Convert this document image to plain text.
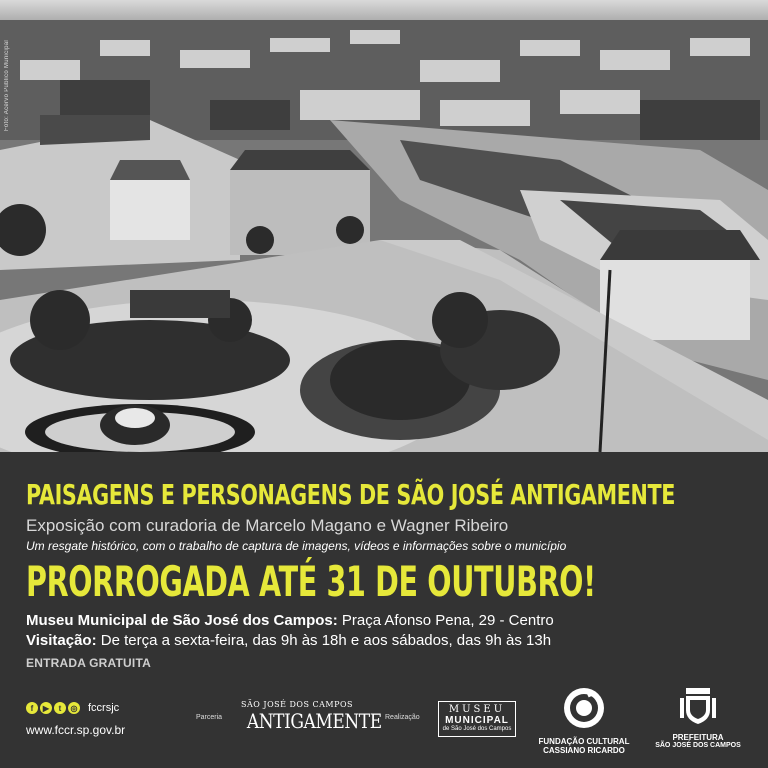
Foto: Acervo Público Municipal
PAISAGENS E PERSONAGENS DE SÃO JOSÉ ANTIGAMENTE
Exposição com curadoria de Marcelo Magano e Wagner Ribeiro
Um resgate histórico, com o trabalho de captura de imagens, vídeos e informações sobre o município
PRORROGADA ATÉ 31 DE OUTUBRO!
Museu Municipal de São José dos Campos: Praça Afonso Pena, 29 - Centro
Visitação: De terça a sexta-feira, das 9h às 18h e aos sábados, das 9h às 13h
ENTRADA GRATUITA
f	▶	t	◎ fccrsjc
www.fccr.sp.gov.br
Parceria
SÃO JOSÉ DOS CAMPOS
ANTIGAMENTE Realização
MUSEU
MUNICIPAL
de São José dos Campos
FUNDAÇÃO CULTURAL
CASSIANO RICARDO
PREFEITURA
SÃO JOSÉ DOS CAMPOS
